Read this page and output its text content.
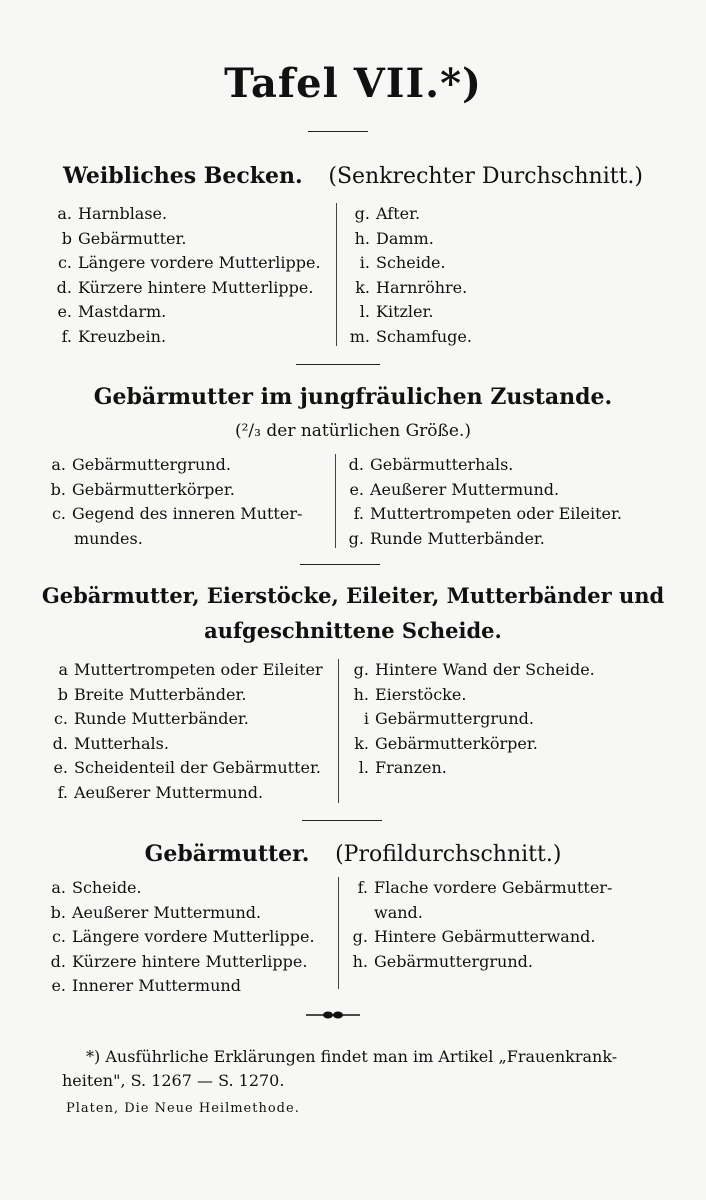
Tafel VII.*)
Weibliches Becken. (Senkrechter Durchschnitt.)
a. Harnblase.
b Gebärmutter.
c. Längere vordere Mutterlippe.
d. Kürzere hintere Mutterlippe.
e. Mastdarm.
f. Kreuzbein.
g. After.
h. Damm.
i. Scheide.
k. Harnröhre.
l. Kitzler.
m. Schamfuge.
Gebärmutter im jungfräulichen Zustande.
(²/₃ der natürlichen Größe.)
a. Gebärmuttergrund.
b. Gebärmutterkörper.
c. Gegend des inneren Mutter-
mundes.
d. Gebärmutterhals.
e. Aeußerer Muttermund.
f. Muttertrompeten oder Eileiter.
g. Runde Mutterbänder.
Gebärmutter, Eierstöcke, Eileiter, Mutterbänder und
aufgeschnittene Scheide.
a Muttertrompeten oder Eileiter
b Breite Mutterbänder.
c. Runde Mutterbänder.
d. Mutterhals.
e. Scheidenteil der Gebärmutter.
f. Aeußerer Muttermund.
g. Hintere Wand der Scheide.
h. Eierstöcke.
i Gebärmuttergrund.
k. Gebärmutterkörper.
l. Franzen.
Gebärmutter. (Profildurchschnitt.)
a. Scheide.
b. Aeußerer Muttermund.
c. Längere vordere Mutterlippe.
d. Kürzere hintere Mutterlippe.
e. Innerer Muttermund
f. Flache vordere Gebärmutter-
wand.
g. Hintere Gebärmutterwand.
h. Gebärmuttergrund.
*) Ausführliche Erklärungen findet man im Artikel „Frauenkrank-
heiten", S. 1267 — S. 1270.
Platen, Die Neue Heilmethode.
